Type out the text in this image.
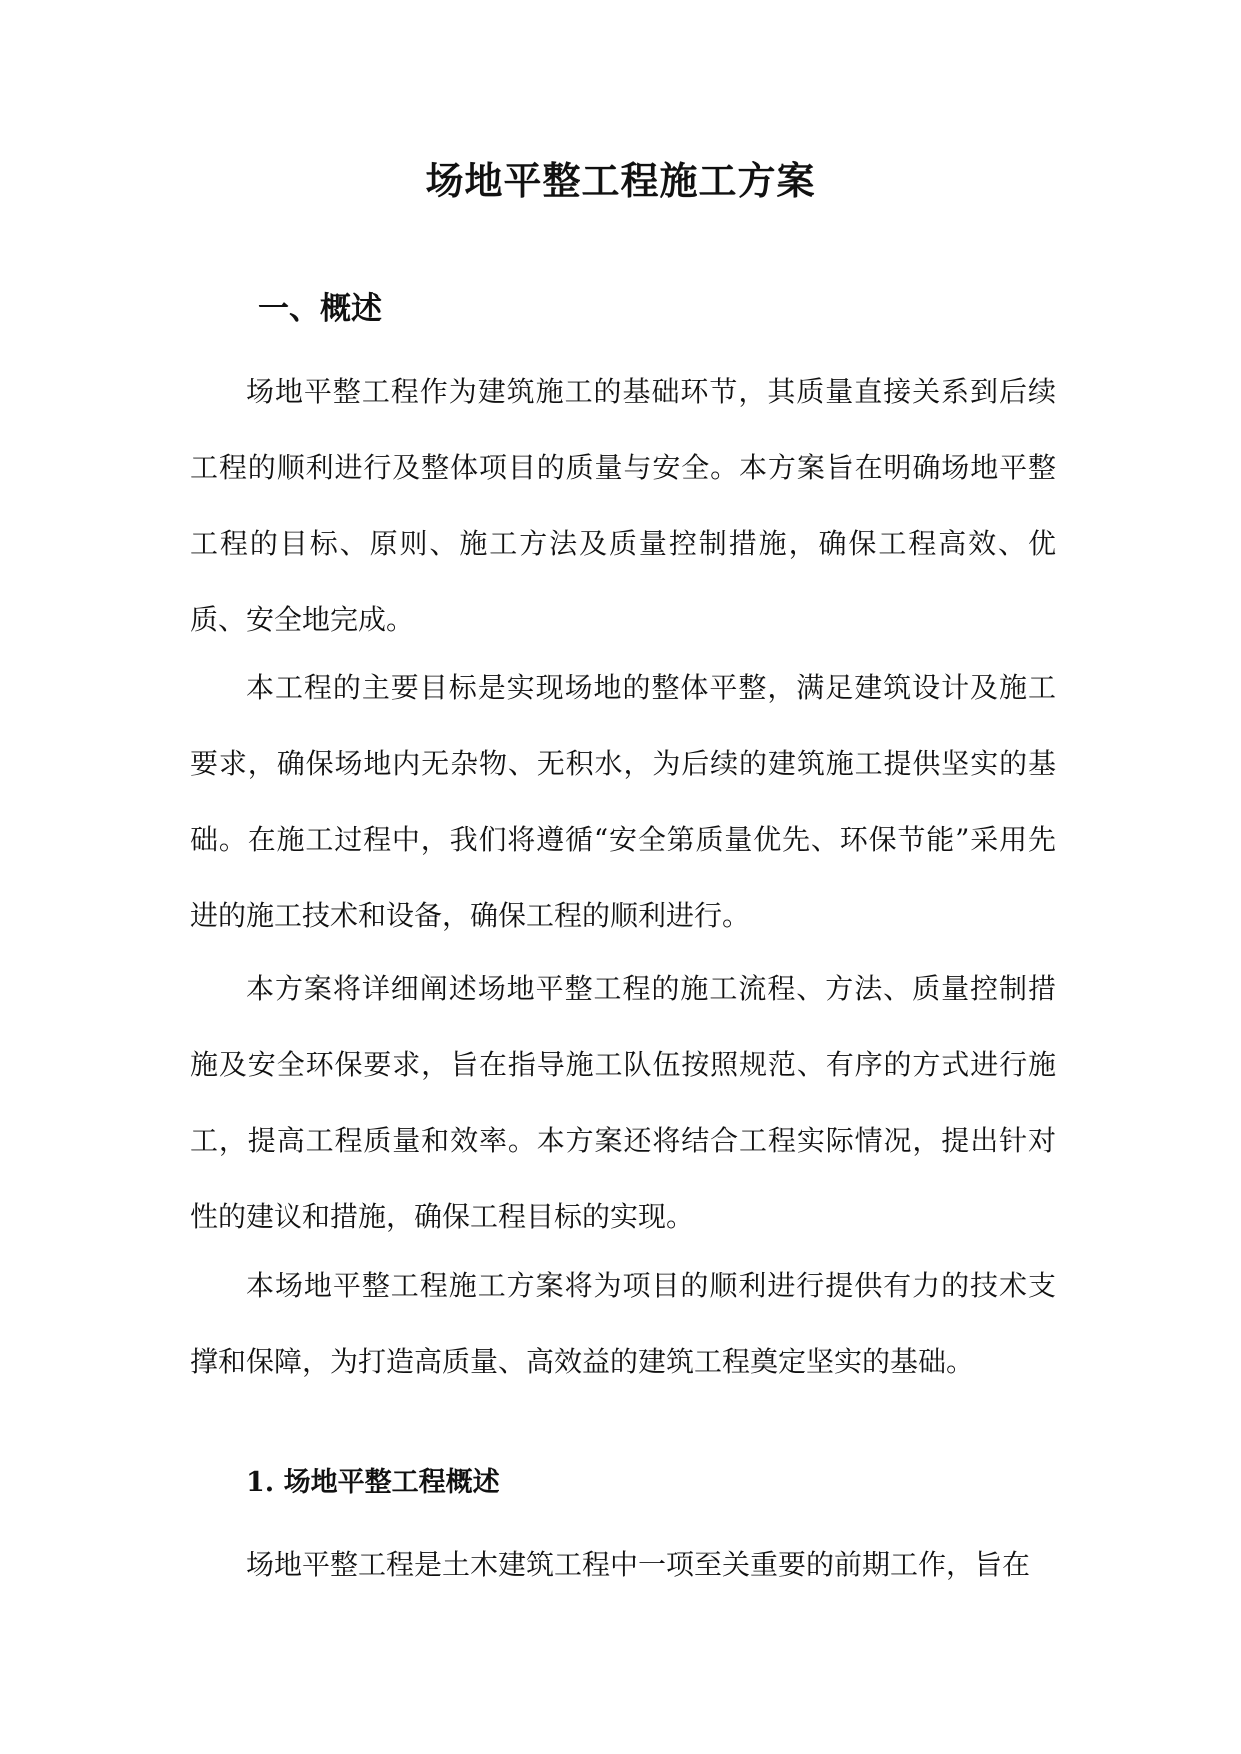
场地平整工程施工方案
一、概述

场地平整工程作为建筑施工的基础环节，其质量直接关系到后续工程的顺利进行及整体项目的质量与安全。本方案旨在明确场地平整工程的目标、原则、施工方法及质量控制措施，确保工程高效、优质、安全地完成。

本工程的主要目标是实现场地的整体平整，满足建筑设计及施工要求，确保场地内无杂物、无积水，为后续的建筑施工提供坚实的基础。在施工过程中，我们将遵循“安全第质量优先、环保节能”采用先进的施工技术和设备，确保工程的顺利进行。

本方案将详细阐述场地平整工程的施工流程、方法、质量控制措施及安全环保要求，旨在指导施工队伍按照规范、有序的方式进行施工，提高工程质量和效率。本方案还将结合工程实际情况，提出针对性的建议和措施，确保工程目标的实现。

本场地平整工程施工方案将为项目的顺利进行提供有力的技术支撑和保障，为打造高质量、高效益的建筑工程奠定坚实的基础。

1. 场地平整工程概述

场地平整工程是土木建筑工程中一项至关重要的前期工作，旨在
